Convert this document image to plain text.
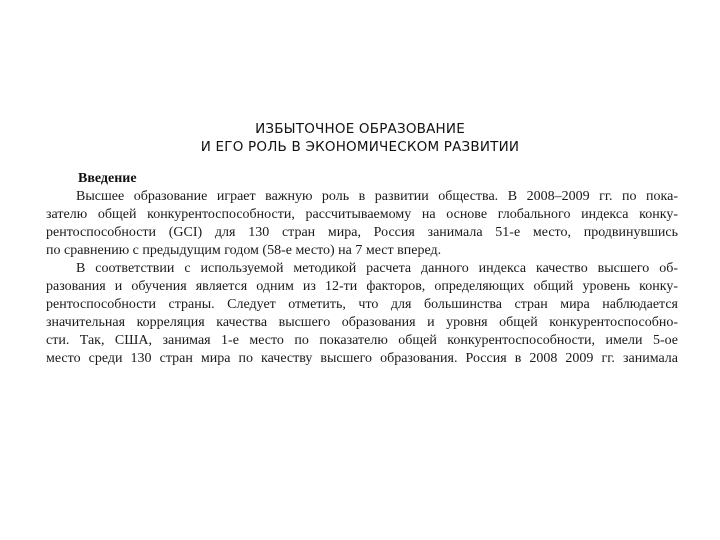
ИЗБЫТОЧНОЕ ОБРАЗОВАНИЕ
И ЕГО РОЛЬ В ЭКОНОМИЧЕСКОМ РАЗВИТИИ
Введение
Высшее образование играет важную роль в развитии общества. В 2008–2009 гг. по пока-
зателю общей конкурентоспособности, рассчитываемому на основе глобального индекса конку-
рентоспособности (GCI) для 130 стран мира, Россия занимала 51-е место, продвинувшись
по сравнению с предыдущим годом (58-е место) на 7 мест вперед.
В соответствии с используемой методикой расчета данного индекса качество высшего об-
разования и обучения является одним из 12-ти факторов, определяющих общий уровень конку-
рентоспособности страны. Следует отметить, что для большинства стран мира наблюдается
значительная корреляция качества высшего образования и уровня общей конкурентоспособно-
сти. Так, США, занимая 1-е место по показателю общей конкурентоспособности, имели 5-ое
место среди 130 стран мира по качеству высшего образования. Россия в 2008 2009 гг. занимала
